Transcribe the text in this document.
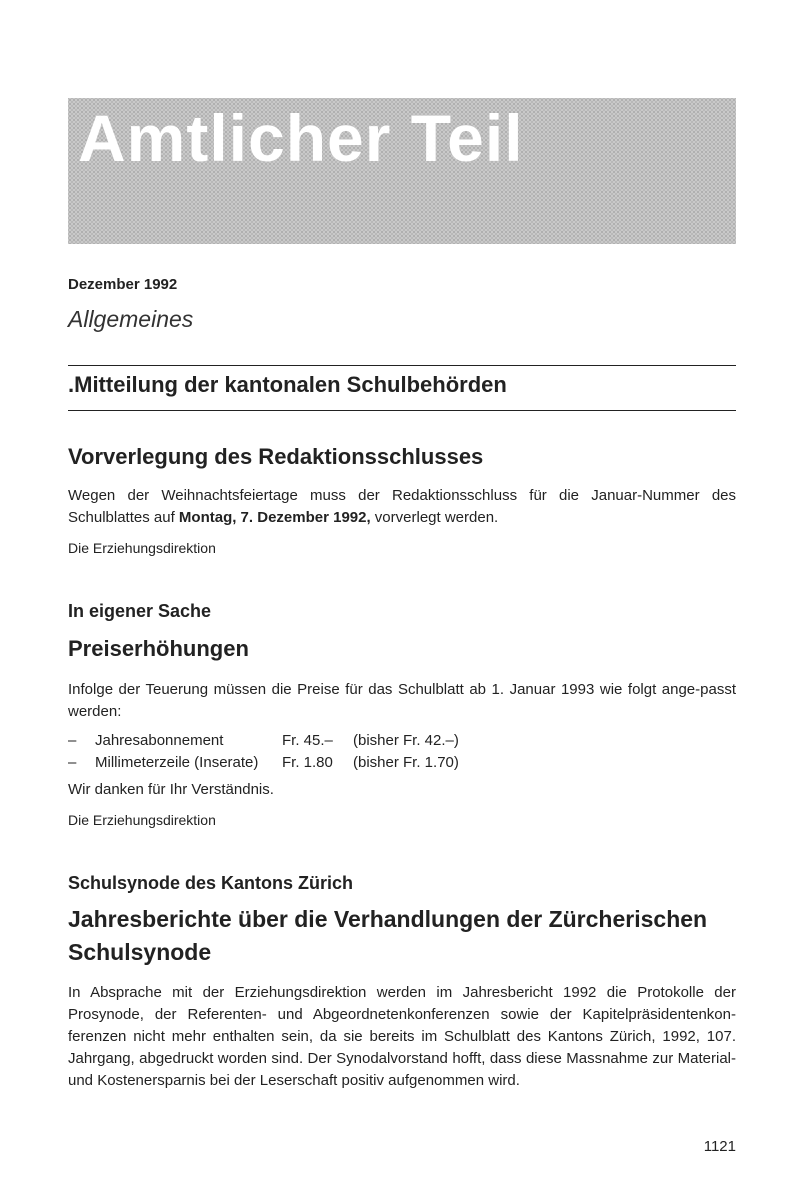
Amtlicher Teil
Dezember 1992
Allgemeines
.Mitteilung der kantonalen Schulbehörden
Vorverlegung des Redaktionsschlusses
Wegen der Weihnachtsfeiertage muss der Redaktionsschluss für die Januar-Nummer des Schulblattes auf Montag, 7. Dezember 1992, vorverlegt werden.
Die Erziehungsdirektion
In eigener Sache
Preiserhöhungen
Infolge der Teuerung müssen die Preise für das Schulblatt ab 1. Januar 1993 wie folgt ange-passt werden:
–	Jahresabonnement	Fr. 45.–	(bisher Fr. 42.–)
–	Millimeterzeile (Inserate)	Fr. 1.80	(bisher Fr. 1.70)
Wir danken für Ihr Verständnis.
Die Erziehungsdirektion
Schulsynode des Kantons Zürich
Jahresberichte über die Verhandlungen der Zürcherischen
Schulsynode
In Absprache mit der Erziehungsdirektion werden im Jahresbericht 1992 die Protokolle der Prosynode, der Referenten- und Abgeordnetenkonferenzen sowie der Kapitelpräsidentenkon-ferenzen nicht mehr enthalten sein, da sie bereits im Schulblatt des Kantons Zürich, 1992, 107. Jahrgang, abgedruckt worden sind. Der Synodalvorstand hofft, dass diese Massnahme zur Material- und Kostenersparnis bei der Leserschaft positiv aufgenommen wird.
1121
